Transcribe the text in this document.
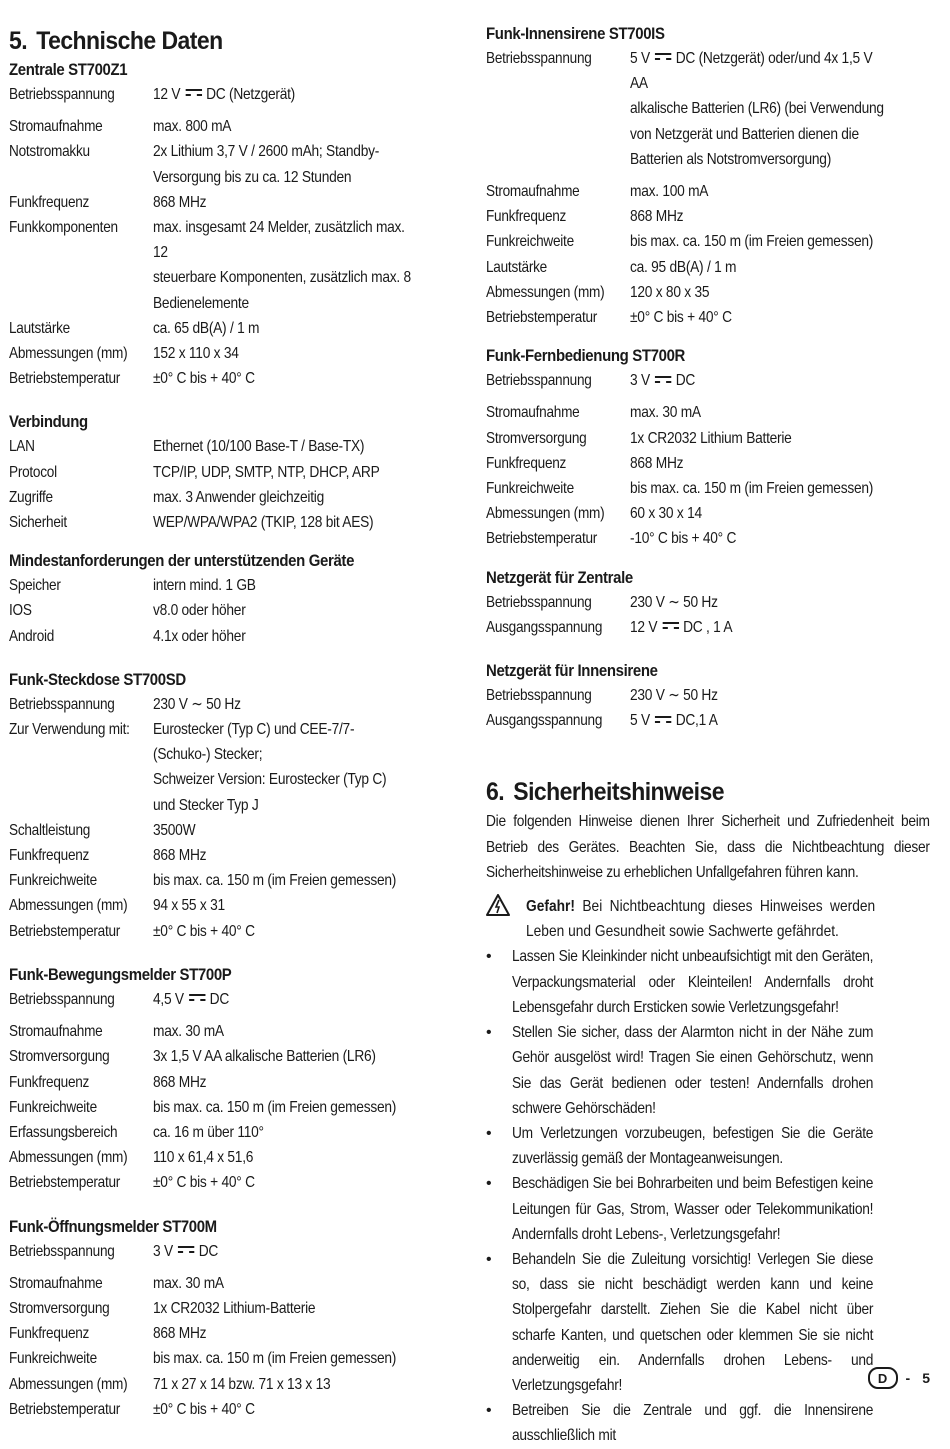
5. Technische Daten
Zentrale ST700Z1
Betriebsspannung	12 V DC (Netzgerät)
Stromaufnahme	max. 800 mA
Notstromakku	2x Lithium 3,7 V / 2600 mAh; Standby-
Versorgung bis zu ca. 12 Stunden
Funkfrequenz	868 MHz
Funkkomponenten	max. insgesamt 24 Melder, zusätzlich max. 12
steuerbare Komponenten, zusätzlich max. 8
Bedienelemente
Lautstärke	ca. 65 dB(A) / 1 m
Abmessungen (mm) 152 x 110 x 34
Betriebstemperatur	±0° C bis + 40° C
Verbindung
LAN	Ethernet (10/100 Base-T / Base-TX)
Protocol	TCP/IP, UDP, SMTP, NTP, DHCP, ARP
Zugriffe	max. 3 Anwender gleichzeitig
Sicherheit	WEP/WPA/WPA2 (TKIP, 128 bit AES)
Mindestanforderungen der unterstützenden Geräte
Speicher	intern mind. 1 GB
IOS	v8.0 oder höher
Android	4.1x oder höher
Funk-Steckdose ST700SD
Betriebsspannung	230 V ∼ 50 Hz
Zur Verwendung mit: Eurostecker (Typ C) und CEE-7/7- (Schuko-) Stecker;
Schweizer Version: Eurostecker (Typ C) und Stecker Typ J
Schaltleistung	3500W
Funkfrequenz	868 MHz
Funkreichweite	bis max. ca. 150 m (im Freien gemessen)
Abmessungen (mm) 94 x 55 x 31
Betriebstemperatur	±0° C bis + 40° C
Funk-Bewegungsmelder ST700P
Betriebsspannung	4,5 V DC
Stromaufnahme	max. 30 mA
Stromversorgung	3x 1,5 V AA alkalische Batterien (LR6)
Funkfrequenz	868 MHz
Funkreichweite	bis max. ca. 150 m (im Freien gemessen)
Erfassungsbereich	ca. 16 m über 110°
Abmessungen (mm) 110 x 61,4 x 51,6
Betriebstemperatur	±0° C bis + 40° C
Funk-Öffnungsmelder ST700M
Betriebsspannung	3 V DC
Stromaufnahme	max. 30 mA
Stromversorgung	1x CR2032 Lithium-Batterie
Funkfrequenz	868 MHz
Funkreichweite	bis max. ca. 150 m (im Freien gemessen)
Abmessungen (mm) 71 x 27 x 14 bzw. 71 x 13 x 13
Betriebstemperatur	±0° C bis + 40° C
Funk-Innensirene ST700IS
Betriebsspannung	5 V DC (Netzgerät) oder/und 4x 1,5 V AA
alkalische Batterien (LR6) (bei Verwendung von Netzgerät und Batterien dienen die Batterien als Notstromversorgung)
Stromaufnahme	max. 100 mA
Funkfrequenz	868 MHz
Funkreichweite	bis max. ca. 150 m (im Freien gemessen)
Lautstärke	ca. 95 dB(A) / 1 m
Abmessungen (mm) 120 x 80 x 35
Betriebstemperatur	±0° C bis + 40° C
Funk-Fernbedienung ST700R
Betriebsspannung	3 V DC
Stromaufnahme	max. 30 mA
Stromversorgung	1x CR2032 Lithium Batterie
Funkfrequenz	868 MHz
Funkreichweite	bis max. ca. 150 m (im Freien gemessen)
Abmessungen (mm) 60 x 30 x 14
Betriebstemperatur	-10° C bis + 40° C
Netzgerät für Zentrale
Betriebsspannung	230 V ∼ 50 Hz
Ausgangsspannung	12 V DC , 1 A
Netzgerät für Innensirene
Betriebsspannung	230 V ∼ 50 Hz
Ausgangsspannung	5 V DC,1 A
6. Sicherheitshinweise
Die folgenden Hinweise dienen Ihrer Sicherheit und Zufriedenheit beim Betrieb des Gerätes. Beachten Sie, dass die Nichtbeachtung dieser Sicherheitshinweise zu erheblichen Unfallgefahren führen kann.
Gefahr! Bei Nichtbeachtung dieses Hinweises werden Leben und Gesundheit sowie Sachwerte gefährdet.
•	Lassen Sie Kleinkinder nicht unbeaufsichtigt mit den Geräten, Verpackungsmaterial oder Kleinteilen! Andernfalls droht Lebensgefahr durch Ersticken sowie Verletzungsgefahr!
•	Stellen Sie sicher, dass der Alarmton nicht in der Nähe zum Gehör ausgelöst wird! Tragen Sie einen Gehörschutz, wenn Sie das Gerät bedienen oder testen! Andernfalls drohen schwere Gehörschäden!
•	Um Verletzungen vorzubeugen, befestigen Sie die Geräte zuverlässig gemäß der Montageanweisungen.
•	Beschädigen Sie bei Bohrarbeiten und beim Befestigen keine Leitungen für Gas, Strom, Wasser oder Telekommunikation! Andernfalls droht Lebens-, Verletzungsgefahr!
•	Behandeln Sie die Zuleitung vorsichtig! Verlegen Sie diese so, dass sie nicht beschädigt werden kann und keine Stolpergefahr darstellt. Ziehen Sie die Kabel nicht über scharfe Kanten, und quetschen oder klemmen Sie sie nicht anderweitig ein. Andernfalls drohen Lebens- und Verletzungsgefahr!
•	Betreiben Sie die Zentrale und ggf. die Innensirene ausschließlich mit
D	- 5
